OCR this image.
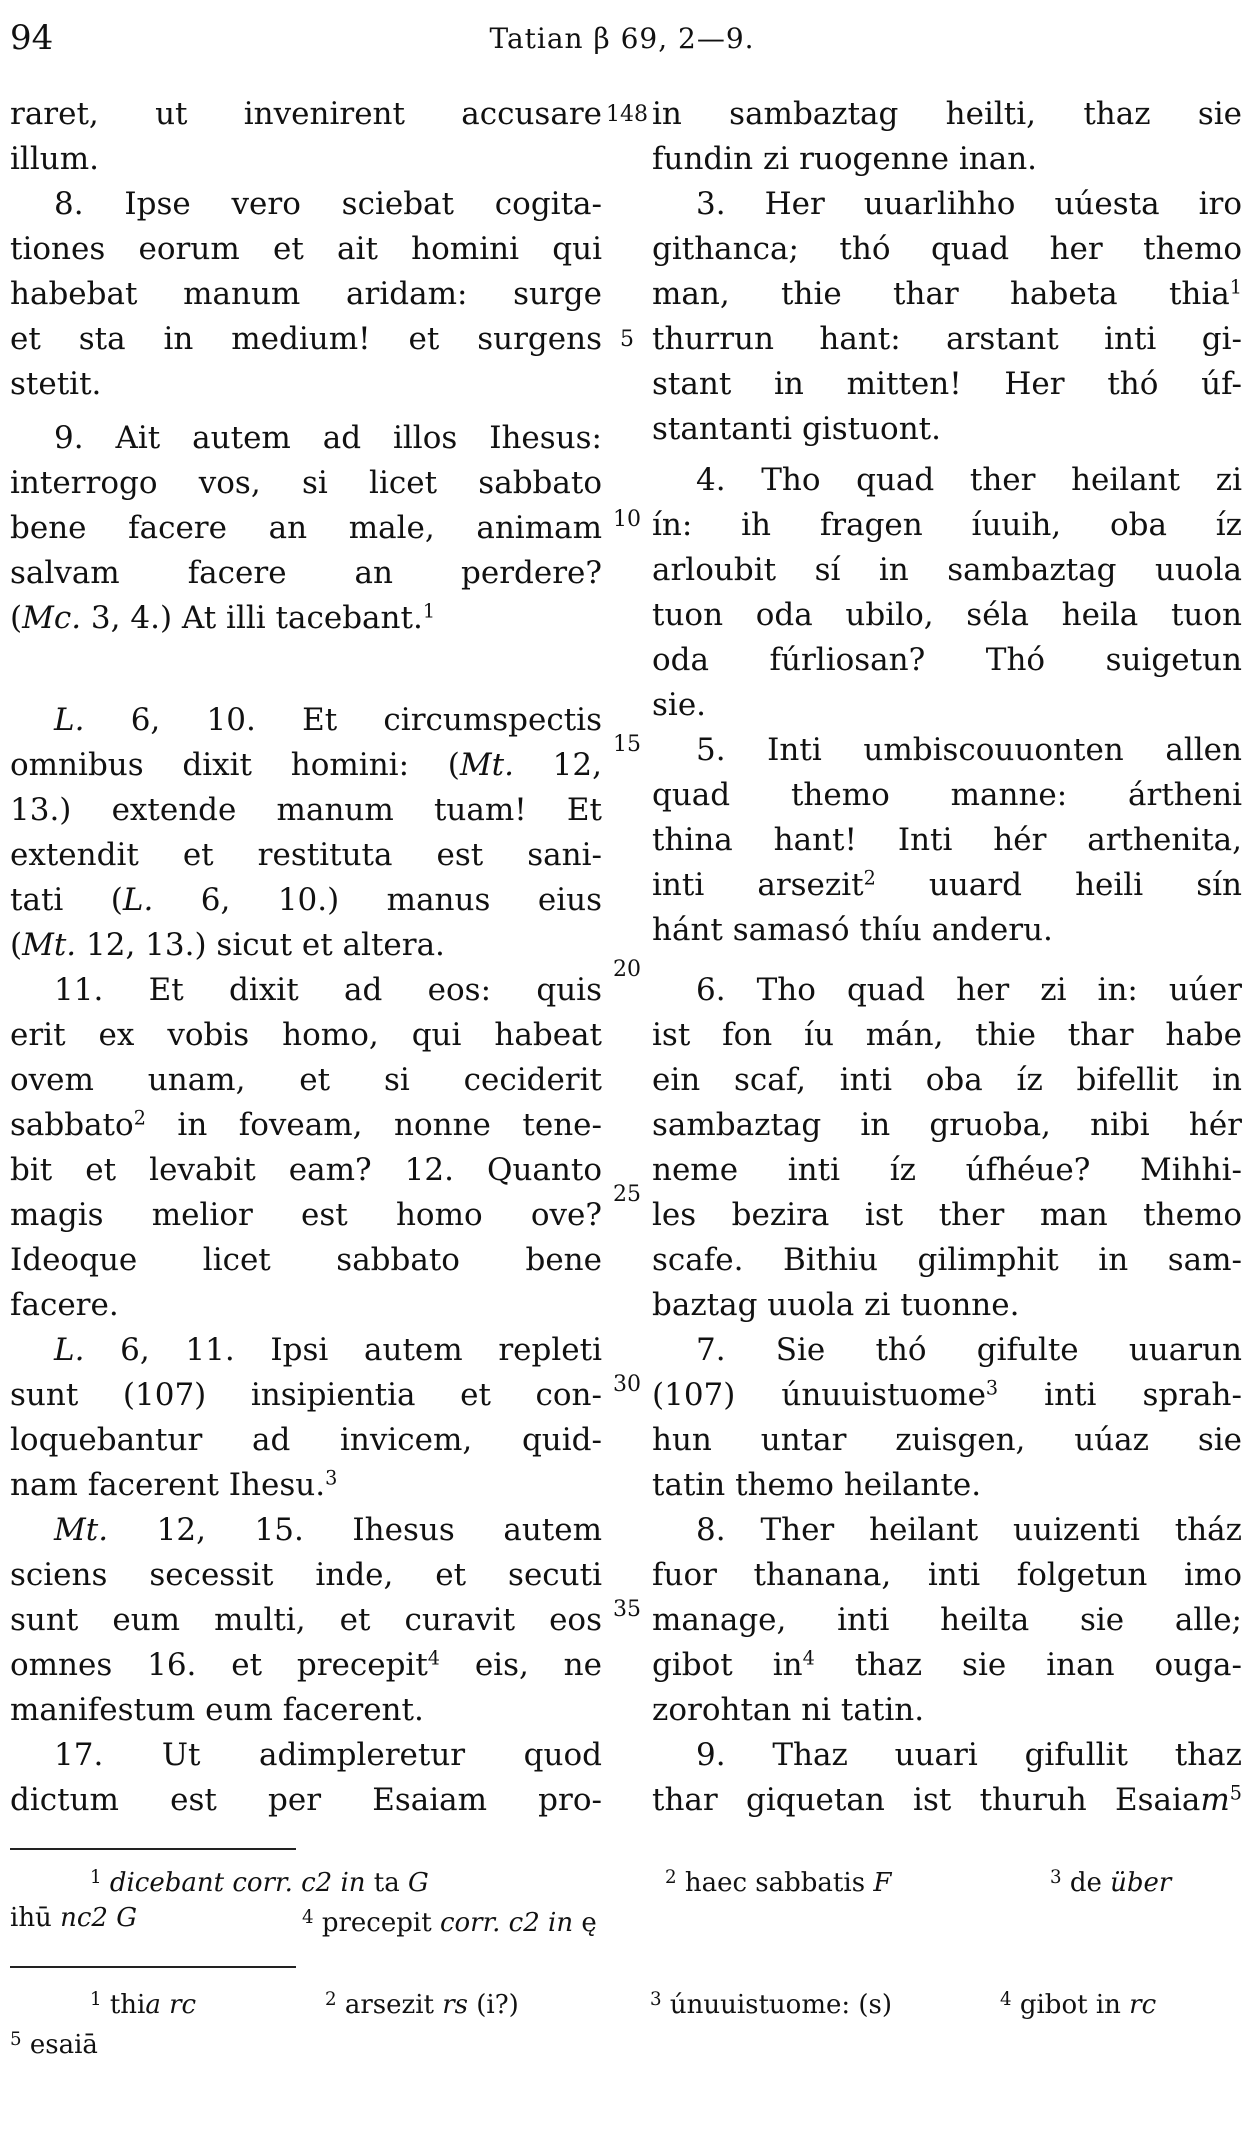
94	Tatian β 69, 2—9.
raret, ut invenirent accusare
illum.
8. Ipse vero sciebat cogita-
tiones eorum et ait homini qui
habebat manum aridam: surge
et sta in medium! et surgens
stetit.
9. Ait autem ad illos Ihesus:
interrogo vos, si licet sabbato
bene facere an male, animam
salvam facere an perdere?
(Mc. 3, 4.) At illi tacebant.$^1$
L. 6, 10. Et circumspectis
omnibus dixit homini: (Mt. 12,
13.) extende manum tuam! Et
extendit et restituta est sani-
tati (L. 6, 10.) manus eius
(Mt. 12, 13.) sicut et altera.
11. Et dixit ad eos: quis
erit ex vobis homo, qui habeat
ovem unam, et si ceciderit
sabbato$^2$ in foveam, nonne tene-
bit et levabit eam? 12. Quanto
magis melior est homo ove?
Ideoque licet sabbato bene
facere.
L. 6, 11. Ipsi autem repleti
sunt (107) insipientia et con-
loquebantur ad invicem, quid-
nam facerent Ihesu.$^3$
Mt. 12, 15. Ihesus autem
sciens secessit inde, et secuti
sunt eum multi, et curavit eos
omnes 16. et precepit$^4$ eis, ne
manifestum eum facerent.
17. Ut adimpleretur quod
dictum est per Esaiam pro-
148
5
10
15
20
25
30
35
in sambaztag heilti, thaz sie
fundin zi ruogenne inan.
3. Her uuarlihho uúesta iro
githanca; thó quad her themo
man, thie thar habeta thia$^1$
thurrun hant: arstant inti gi-
stant in mitten! Her thó úf-
stantanti gistuont.
4. Tho quad ther heilant zi
ín: ih fragen íuuih, oba íz
arloubit sí in sambaztag uuola
tuon oda ubilo, séla heila tuon
oda fúrliosan? Thó suigetun
sie.
5. Inti umbiscouuonten allen
quad themo manne: ártheni
thina hant! Inti hér arthenita,
inti arsezit$^2$ uuard heili sín
hánt samasó thíu anderu.
6. Tho quad her zi in: uúer
ist fon íu mán, thie thar habe
ein scaf, inti oba íz bifellit in
sambaztag in gruoba, nibi hér
neme inti íz úfhéue? Mihhi-
les bezira ist ther man themo
scafe. Bithiu gilimphit in sam-
baztag uuola zi tuonne.
7. Sie thó gifulte uuarun
(107) únuuistuome$^3$ inti sprah-
hun untar zuisgen, uúaz sie
tatin themo heilante.
8. Ther heilant uuizenti tház
fuor thanana, inti folgetun imo
manage, inti heilta sie alle;
gibot $in^4$ thaz sie inan ouga-
zorohtan ni tatin.
9. Thaz uuari gifullit thaz
thar giquetan ist thuruh Esaiam$^5$
$^1$ dicebant corr. c2 in ta G	$^2$ haec sabbatis F	$^3$ de über
ihū nc2 G	$^4$ precepit corr. c2 in ę
$^1$ thia rc	$^2$ arsezit rs (i?)	$^3$ únuuistuome: (s)	$^4$ gibot in rc
$^5$ esaiā
